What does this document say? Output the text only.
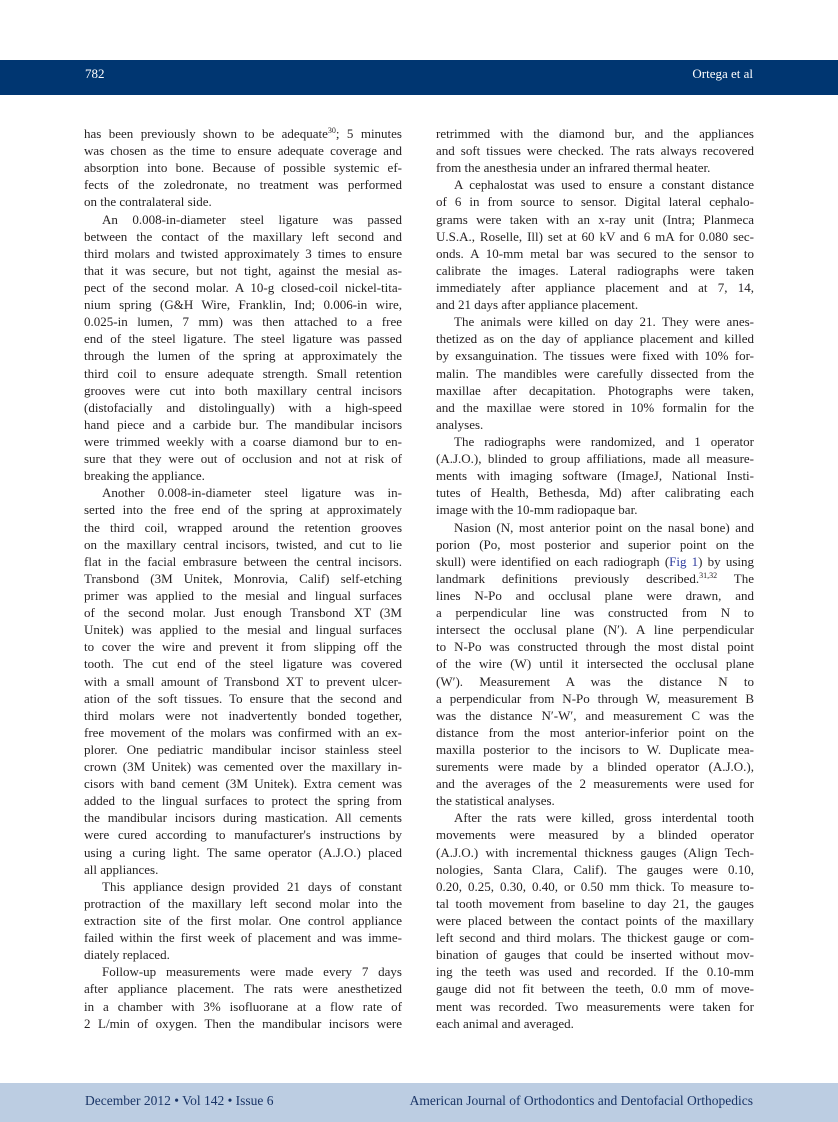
782	Ortega et al
has been previously shown to be adequate$^{30}$; 5 minutes
was chosen as the time to ensure adequate coverage and
absorption into bone. Because of possible systemic ef-
fects of the zoledronate, no treatment was performed
on the contralateral side.
An 0.008-in-diameter steel ligature was passed
between the contact of the maxillary left second and
third molars and twisted approximately 3 times to ensure
that it was secure, but not tight, against the mesial as-
pect of the second molar. A 10-g closed-coil nickel-tita-
nium spring (G&H Wire, Franklin, Ind; 0.006-in wire,
0.025-in lumen, 7 mm) was then attached to a free
end of the steel ligature. The steel ligature was passed
through the lumen of the spring at approximately the
third coil to ensure adequate strength. Small retention
grooves were cut into both maxillary central incisors
(distofacially and distolingually) with a high-speed
hand piece and a carbide bur. The mandibular incisors
were trimmed weekly with a coarse diamond bur to en-
sure that they were out of occlusion and not at risk of
breaking the appliance.
Another 0.008-in-diameter steel ligature was in-
serted into the free end of the spring at approximately
the third coil, wrapped around the retention grooves
on the maxillary central incisors, twisted, and cut to lie
flat in the facial embrasure between the central incisors.
Transbond (3M Unitek, Monrovia, Calif) self-etching
primer was applied to the mesial and lingual surfaces
of the second molar. Just enough Transbond XT (3M
Unitek) was applied to the mesial and lingual surfaces
to cover the wire and prevent it from slipping off the
tooth. The cut end of the steel ligature was covered
with a small amount of Transbond XT to prevent ulcer-
ation of the soft tissues. To ensure that the second and
third molars were not inadvertently bonded together,
free movement of the molars was confirmed with an ex-
plorer. One pediatric mandibular incisor stainless steel
crown (3M Unitek) was cemented over the maxillary in-
cisors with band cement (3M Unitek). Extra cement was
added to the lingual surfaces to protect the spring from
the mandibular incisors during mastication. All cements
were cured according to manufacturer's instructions by
using a curing light. The same operator (A.J.O.) placed
all appliances.
This appliance design provided 21 days of constant
protraction of the maxillary left second molar into the
extraction site of the first molar. One control appliance
failed within the first week of placement and was imme-
diately replaced.
Follow-up measurements were made every 7 days
after appliance placement. The rats were anesthetized
in a chamber with 3% isofluorane at a flow rate of
2 L/min of oxygen. Then the mandibular incisors were
retrimmed with the diamond bur, and the appliances
and soft tissues were checked. The rats always recovered
from the anesthesia under an infrared thermal heater.
A cephalostat was used to ensure a constant distance
of 6 in from source to sensor. Digital lateral cephalo-
grams were taken with an x-ray unit (Intra; Planmeca
U.S.A., Roselle, Ill) set at 60 kV and 6 mA for 0.080 sec-
onds. A 10-mm metal bar was secured to the sensor to
calibrate the images. Lateral radiographs were taken
immediately after appliance placement and at 7, 14,
and 21 days after appliance placement.
The animals were killed on day 21. They were anes-
thetized as on the day of appliance placement and killed
by exsanguination. The tissues were fixed with 10% for-
malin. The mandibles were carefully dissected from the
maxillae after decapitation. Photographs were taken,
and the maxillae were stored in 10% formalin for the
analyses.
The radiographs were randomized, and 1 operator
(A.J.O.), blinded to group affiliations, made all measure-
ments with imaging software (ImageJ, National Insti-
tutes of Health, Bethesda, Md) after calibrating each
image with the 10-mm radiopaque bar.
Nasion (N, most anterior point on the nasal bone) and
porion (Po, most posterior and superior point on the
skull) were identified on each radiograph (Fig 1) by using
landmark definitions previously described.$^{31,32}$ The
lines N-Po and occlusal plane were drawn, and
a perpendicular line was constructed from N to
intersect the occlusal plane (N′). A line perpendicular
to N-Po was constructed through the most distal point
of the wire (W) until it intersected the occlusal plane
(W′). Measurement A was the distance N to
a perpendicular from N-Po through W, measurement B
was the distance N′-W′, and measurement C was the
distance from the most anterior-inferior point on the
maxilla posterior to the incisors to W. Duplicate mea-
surements were made by a blinded operator (A.J.O.),
and the averages of the 2 measurements were used for
the statistical analyses.
After the rats were killed, gross interdental tooth
movements were measured by a blinded operator
(A.J.O.) with incremental thickness gauges (Align Tech-
nologies, Santa Clara, Calif). The gauges were 0.10,
0.20, 0.25, 0.30, 0.40, or 0.50 mm thick. To measure to-
tal tooth movement from baseline to day 21, the gauges
were placed between the contact points of the maxillary
left second and third molars. The thickest gauge or com-
bination of gauges that could be inserted without mov-
ing the teeth was used and recorded. If the 0.10-mm
gauge did not fit between the teeth, 0.0 mm of move-
ment was recorded. Two measurements were taken for
each animal and averaged.
December 2012 • Vol 142 • Issue 6	American Journal of Orthodontics and Dentofacial Orthopedics
